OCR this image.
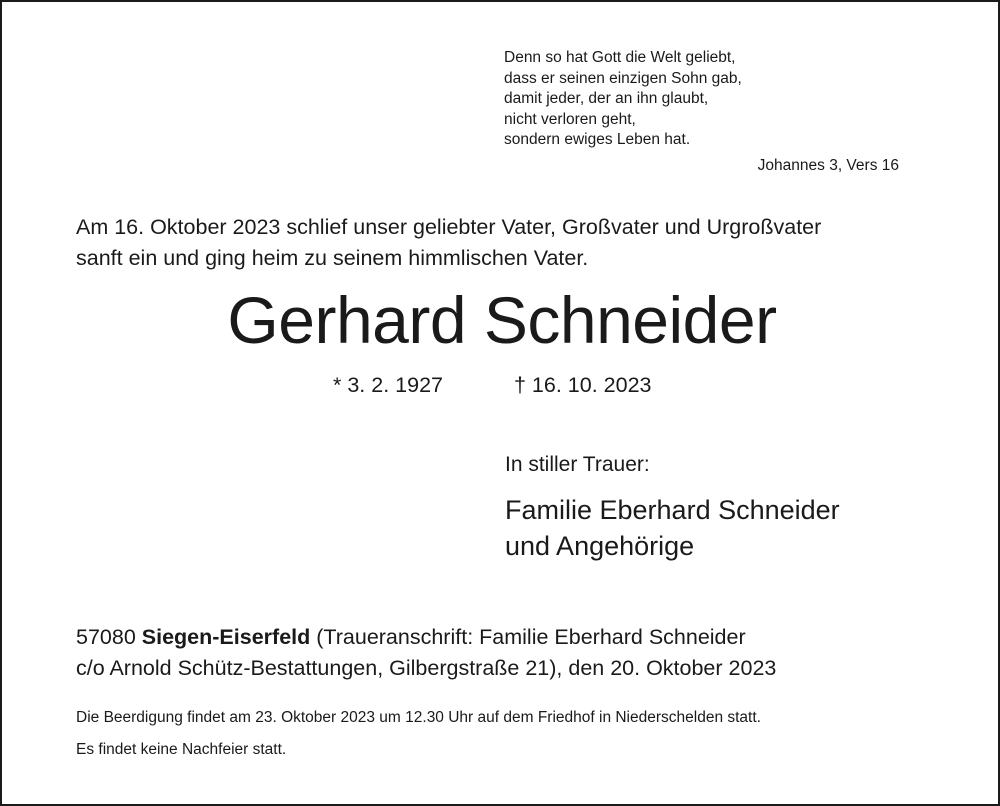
Denn so hat Gott die Welt geliebt,
dass er seinen einzigen Sohn gab,
damit jeder, der an ihn glaubt,
nicht verloren geht,
sondern ewiges Leben hat.
Johannes 3, Vers 16
Am 16. Oktober 2023 schlief unser geliebter Vater, Großvater und Urgroßvater
sanft ein und ging heim zu seinem himmlischen Vater.
Gerhard Schneider
* 3. 2. 1927	† 16. 10. 2023
In stiller Trauer:
Familie Eberhard Schneider
und Angehörige
57080 Siegen-Eiserfeld (Traueranschrift: Familie Eberhard Schneider
c/o Arnold Schütz-Bestattungen, Gilbergstraße 21), den 20. Oktober 2023
Die Beerdigung findet am 23. Oktober 2023 um 12.30 Uhr auf dem Friedhof in Niederschelden statt.
Es findet keine Nachfeier statt.
